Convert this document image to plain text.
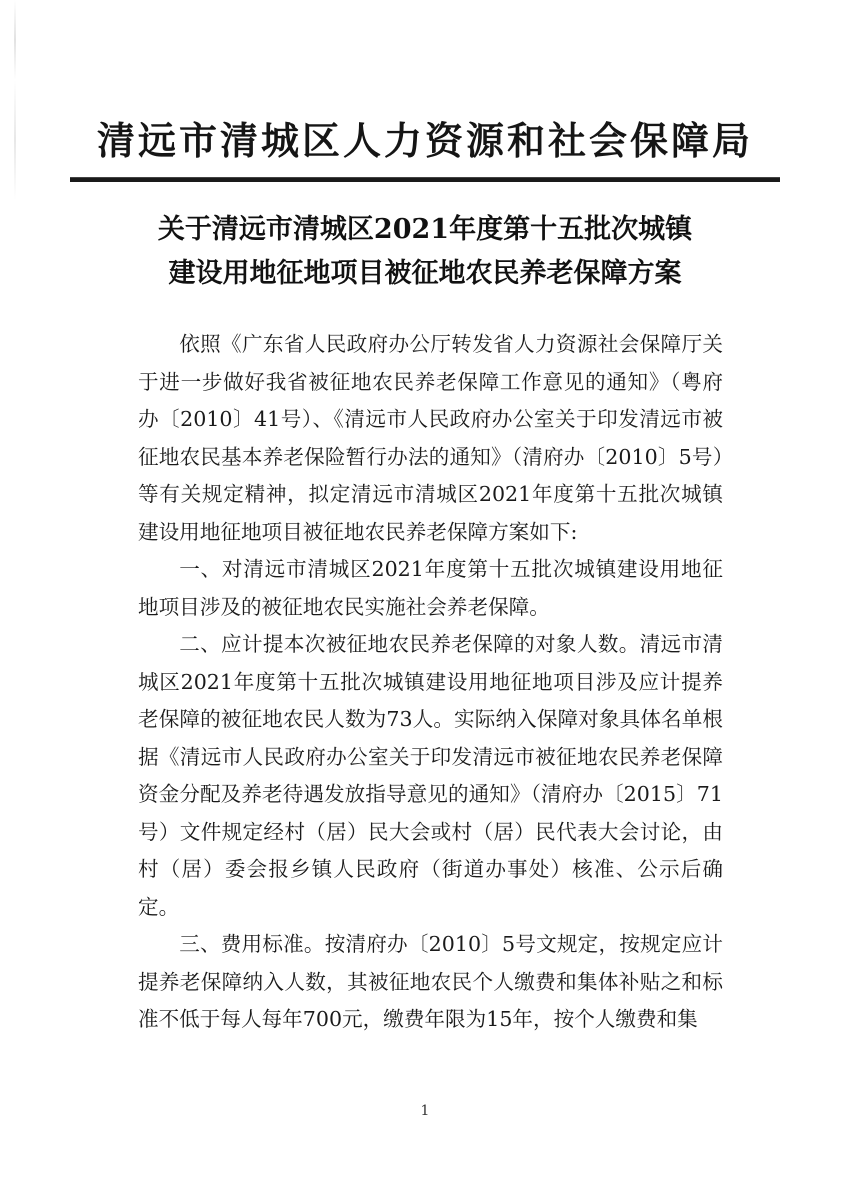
清远市清城区人力资源和社会保障局
关于清远市清城区2021年度第十五批次城镇
建设用地征地项目被征地农民养老保障方案

依照《广东省人民政府办公厅转发省人力资源社会保障厅关于进一步做好我省被征地农民养老保障工作意见的通知》（粤府办〔2010〕41号）、《清远市人民政府办公室关于印发清远市被征地农民基本养老保险暂行办法的通知》（清府办〔2010〕5号）等有关规定精神，拟定清远市清城区2021年度第十五批次城镇建设用地征地项目被征地农民养老保障方案如下:

一、对清远市清城区2021年度第十五批次城镇建设用地征地项目涉及的被征地农民实施社会养老保障。

二、应计提本次被征地农民养老保障的对象人数。清远市清城区2021年度第十五批次城镇建设用地征地项目涉及应计提养老保障的被征地农民人数为73人。实际纳入保障对象具体名单根据《清远市人民政府办公室关于印发清远市被征地农民养老保障资金分配及养老待遇发放指导意见的通知》（清府办〔2015〕71号）文件规定经村（居）民大会或村（居）民代表大会讨论，由村（居）委会报乡镇人民政府（街道办事处）核准、公示后确定。

三、费用标准。按清府办〔2010〕5号文规定，按规定应计提养老保障纳入人数，其被征地农民个人缴费和集体补贴之和标准不低于每人每年700元，缴费年限为15年，按个人缴费和集

1
